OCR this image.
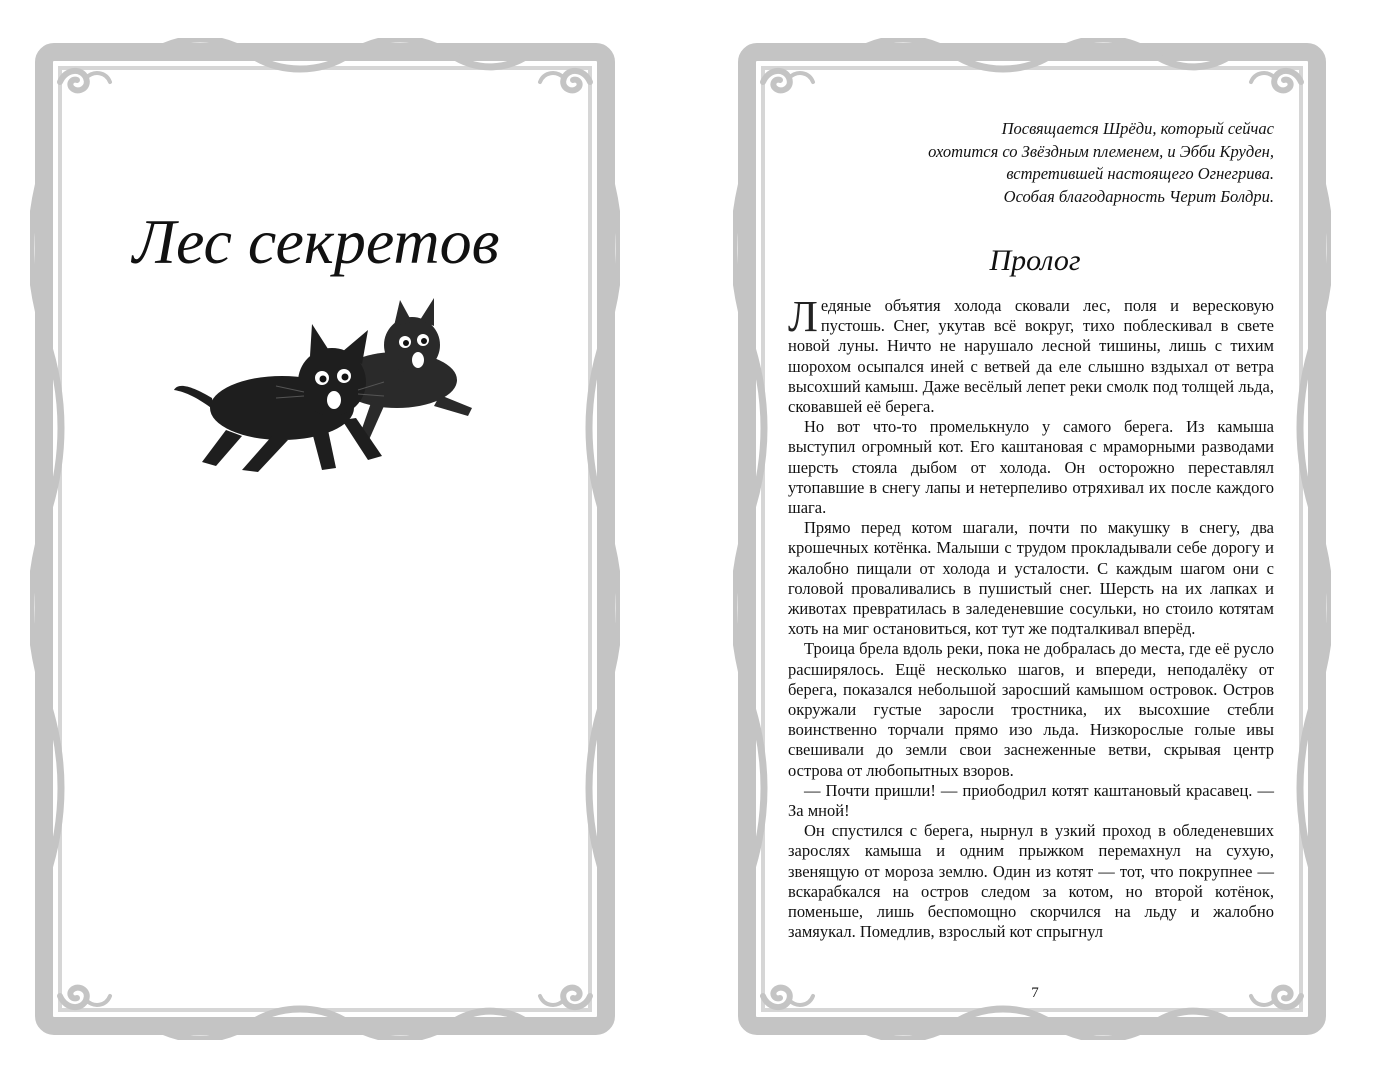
Лес секретов
Посвящается Шрёди, который сейчас
охотится со Звёздным племенем, и Эбби Круден,
встретившей настоящего Огнегрива.
Особая благодарность Черит Болдри.
Пролог

Ледяные объятия холода сковали лес, поля и вересковую пустошь. Снег, укутав всё вокруг, тихо поблескивал в свете новой луны. Ничто не нарушало лесной тишины, лишь с тихим шорохом осыпался иней с ветвей да еле слышно вздыхал от ветра высохший камыш. Даже весёлый лепет реки смолк под толщей льда, сковавшей её берега.

Но вот что-то промелькнуло у самого берега. Из камыша выступил огромный кот. Его каштановая с мраморными разводами шерсть стояла дыбом от холода. Он осторожно переставлял утопавшие в снегу лапы и нетерпеливо отряхивал их после каждого шага.

Прямо перед котом шагали, почти по макушку в снегу, два крошечных котёнка. Малыши с трудом прокладывали себе дорогу и жалобно пищали от холода и усталости. С каждым шагом они с головой проваливались в пушистый снег. Шерсть на их лапках и животах превратилась в заледеневшие сосульки, но стоило котятам хоть на миг остановиться, кот тут же подталкивал вперёд.

Троица брела вдоль реки, пока не добралась до места, где её русло расширялось. Ещё несколько шагов, и впереди, неподалёку от берега, показался небольшой заросший камышом островок. Остров окружали густые заросли тростника, их высохшие стебли воинственно торчали прямо изо льда. Низкорослые голые ивы свешивали до земли свои заснеженные ветви, скрывая центр острова от любопытных взоров.

— Почти пришли! — приободрил котят каштановый красавец. — За мной!

Он спустился с берега, нырнул в узкий проход в обледеневших зарослях камыша и одним прыжком перемахнул на сухую, звенящую от мороза землю. Один из котят — тот, что покрупнее — вскарабкался на остров следом за котом, но второй котёнок, поменьше, лишь беспомощно скорчился на льду и жалобно замяукал. Помедлив, взрослый кот спрыгнул

7
